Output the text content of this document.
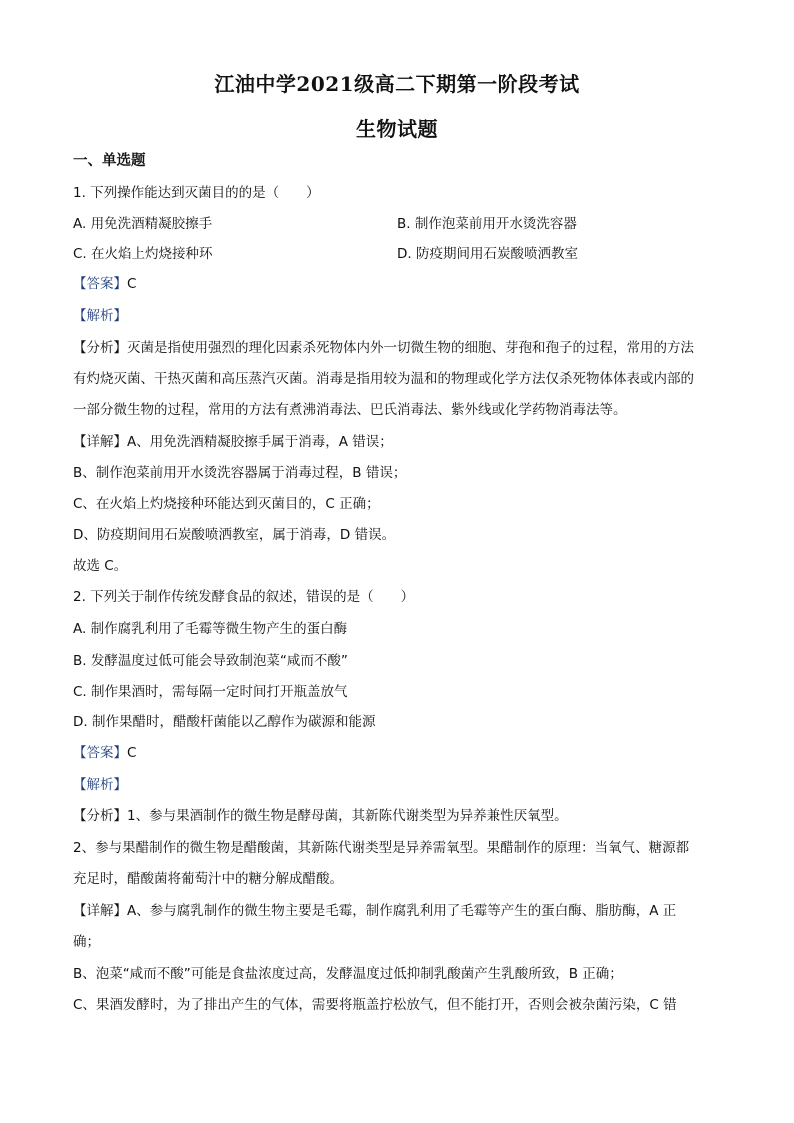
江油中学2021级高二下期第一阶段考试
生物试题
一、单选题
1. 下列操作能达到灭菌目的的是（　　）
A. 用免洗酒精凝胶擦手	B. 制作泡菜前用开水烫洗容器
C. 在火焰上灼烧接种环	D. 防疫期间用石炭酸喷洒教室
【答案】C
【解析】
【分析】灭菌是指使用强烈的理化因素杀死物体内外一切微生物的细胞、芽孢和孢子的过程，常用的方法
有灼烧灭菌、干热灭菌和高压蒸汽灭菌。消毒是指用较为温和的物理或化学方法仅杀死物体体表或内部的
一部分微生物的过程，常用的方法有煮沸消毒法、巴氏消毒法、紫外线或化学药物消毒法等。
【详解】A、用免洗酒精凝胶擦手属于消毒，A 错误；
B、制作泡菜前用开水烫洗容器属于消毒过程，B 错误；
C、在火焰上灼烧接种环能达到灭菌目的，C 正确；
D、防疫期间用石炭酸喷洒教室，属于消毒，D 错误。
故选 C。
2. 下列关于制作传统发酵食品的叙述，错误的是（　　）
A. 制作腐乳利用了毛霉等微生物产生的蛋白酶
B. 发酵温度过低可能会导致制泡菜“咸而不酸”
C. 制作果酒时，需每隔一定时间打开瓶盖放气
D. 制作果醋时，醋酸杆菌能以乙醇作为碳源和能源
【答案】C
【解析】
【分析】1、参与果酒制作的微生物是酵母菌，其新陈代谢类型为异养兼性厌氧型。
2、参与果醋制作的微生物是醋酸菌，其新陈代谢类型是异养需氧型。果醋制作的原理：当氧气、糖源都
充足时，醋酸菌将葡萄汁中的糖分解成醋酸。
【详解】A、参与腐乳制作的微生物主要是毛霉，制作腐乳利用了毛霉等产生的蛋白酶、脂肪酶，A 正
确；
B、泡菜“咸而不酸”可能是食盐浓度过高，发酵温度过低抑制乳酸菌产生乳酸所致，B 正确；
C、果酒发酵时，为了排出产生的气体，需要将瓶盖拧松放气，但不能打开，否则会被杂菌污染，C 错
